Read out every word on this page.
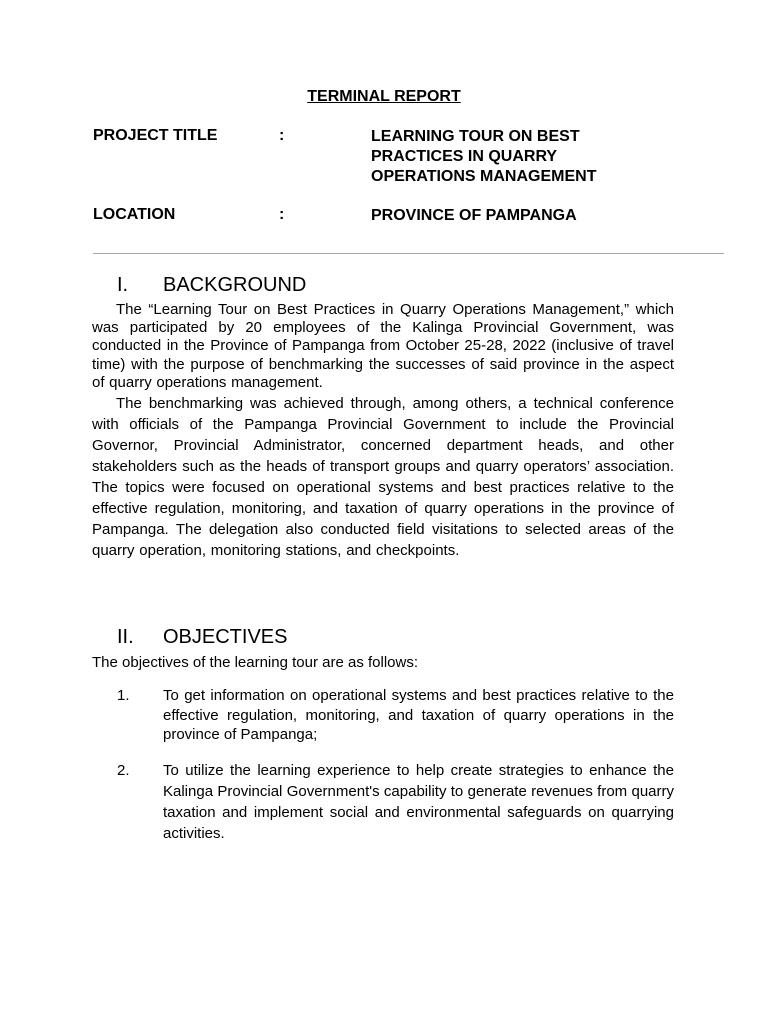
TERMINAL REPORT
PROJECT TITLE	:	LEARNING TOUR ON BEST
PRACTICES IN QUARRY
OPERATIONS MANAGEMENT
LOCATION	:	PROVINCE OF PAMPANGA
I. BACKGROUND

The “Learning Tour on Best Practices in Quarry Operations Management,” which was participated by 20 employees of the Kalinga Provincial Government, was conducted in the Province of Pampanga from October 25-28, 2022 (inclusive of travel time) with the purpose of benchmarking the successes of said province in the aspect of quarry operations management.

The benchmarking was achieved through, among others, a technical conference with officials of the Pampanga Provincial Government to include the Provincial Governor, Provincial Administrator, concerned department heads, and other stakeholders such as the heads of transport groups and quarry operators’ association. The topics were focused on operational systems and best practices relative to the effective regulation, monitoring, and taxation of quarry operations in the province of Pampanga. The delegation also conducted field visitations to selected areas of the quarry operation, monitoring stations, and checkpoints.

II. OBJECTIVES

The objectives of the learning tour are as follows:

1. To get information on operational systems and best practices relative to the effective regulation, monitoring, and taxation of quarry operations in the province of Pampanga;
2. To utilize the learning experience to help create strategies to enhance the Kalinga Provincial Government's capability to generate revenues from quarry taxation and implement social and environmental safeguards on quarrying activities.
